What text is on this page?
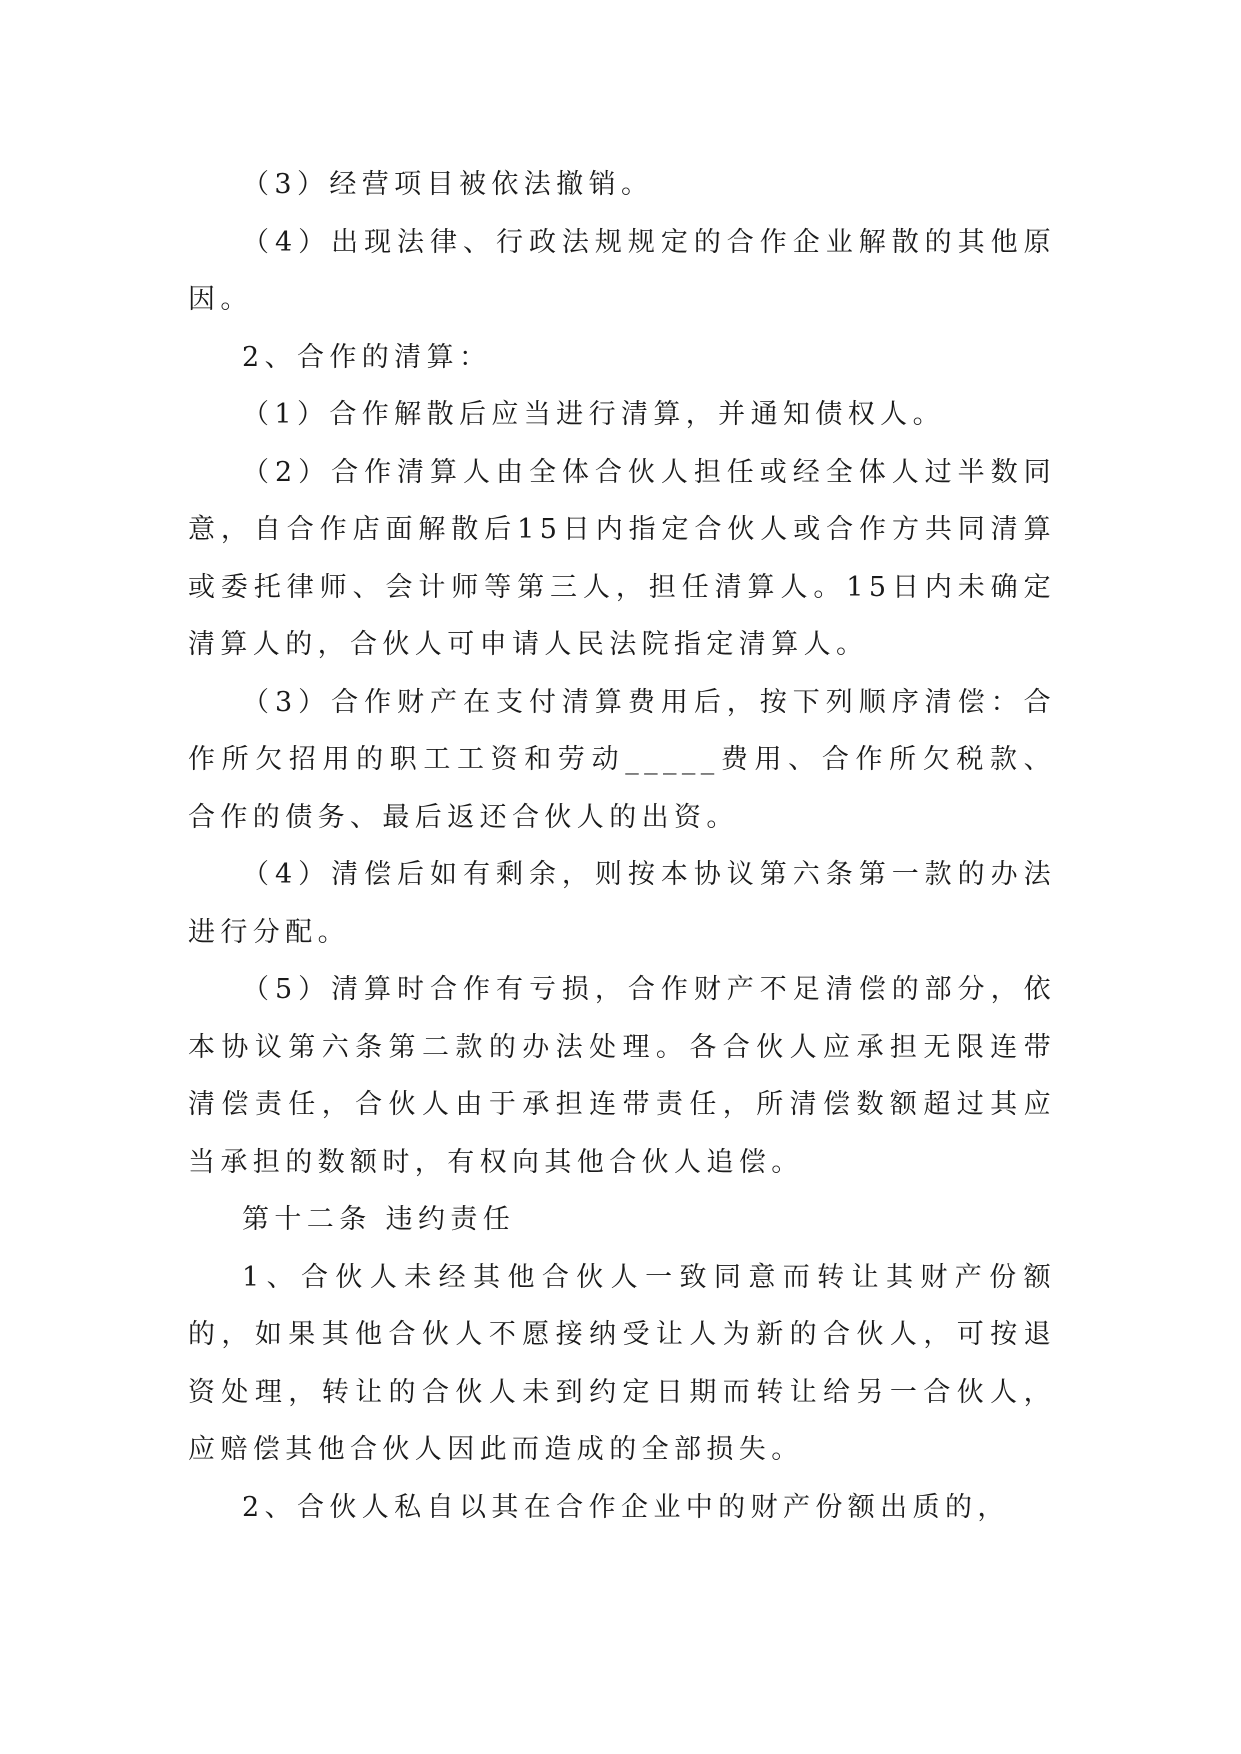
（3）经营项目被依法撤销。

（4）出现法律、行政法规规定的合作企业解散的其他原因。

2、合作的清算：

（1）合作解散后应当进行清算，并通知债权人。

（2）合作清算人由全体合伙人担任或经全体人过半数同意，自合作店面解散后15日内指定合伙人或合作方共同清算或委托律师、会计师等第三人，担任清算人。15日内未确定清算人的，合伙人可申请人民法院指定清算人。

（3）合作财产在支付清算费用后，按下列顺序清偿：合作所欠招用的职工工资和劳动_____费用、合作所欠税款、合作的债务、最后返还合伙人的出资。

（4）清偿后如有剩余，则按本协议第六条第一款的办法进行分配。

（5）清算时合作有亏损，合作财产不足清偿的部分，依本协议第六条第二款的办法处理。各合伙人应承担无限连带清偿责任，合伙人由于承担连带责任，所清偿数额超过其应当承担的数额时，有权向其他合伙人追偿。

第十二条 违约责任

1、合伙人未经其他合伙人一致同意而转让其财产份额的，如果其他合伙人不愿接纳受让人为新的合伙人，可按退资处理，转让的合伙人未到约定日期而转让给另一合伙人，应赔偿其他合伙人因此而造成的全部损失。

2、合伙人私自以其在合作企业中的财产份额出质的，
